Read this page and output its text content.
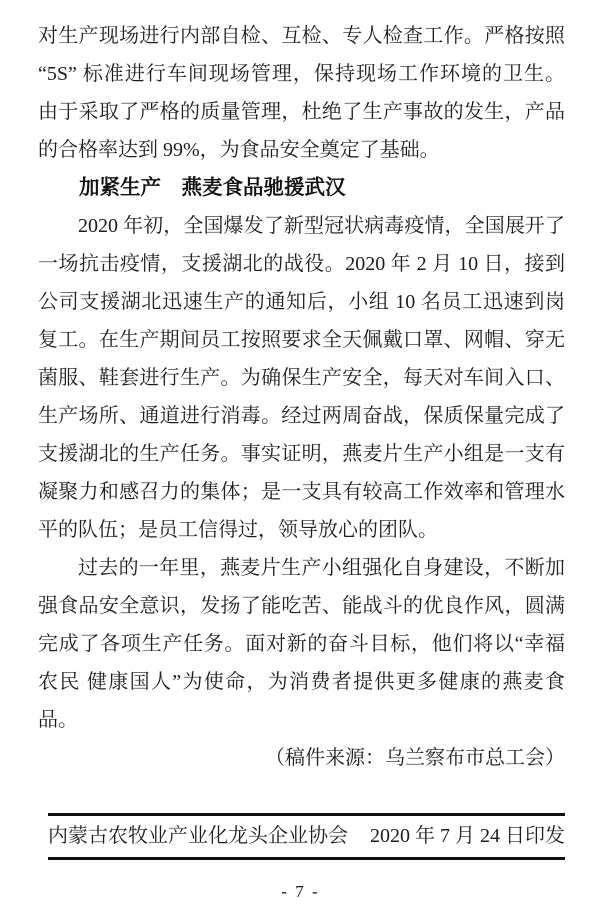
对生产现场进行内部自检、互检、专人检查工作。严格按照
“5S” 标准进行车间现场管理，保持现场工作环境的卫生。
由于采取了严格的质量管理，杜绝了生产事故的发生，产品
的合格率达到 99%，为食品安全奠定了基础。
加紧生产　燕麦食品驰援武汉
2020 年初，全国爆发了新型冠状病毒疫情，全国展开了
一场抗击疫情，支援湖北的战役。2020 年 2 月 10 日，接到
公司支援湖北迅速生产的通知后，小组 10 名员工迅速到岗
复工。在生产期间员工按照要求全天佩戴口罩、网帽、穿无
菌服、鞋套进行生产。为确保生产安全，每天对车间入口、
生产场所、通道进行消毒。经过两周奋战，保质保量完成了
支援湖北的生产任务。事实证明，燕麦片生产小组是一支有
凝聚力和感召力的集体；是一支具有较高工作效率和管理水
平的队伍；是员工信得过，领导放心的团队。
过去的一年里，燕麦片生产小组强化自身建设，不断加
强食品安全意识，发扬了能吃苦、能战斗的优良作风，圆满
完成了各项生产任务。面对新的奋斗目标，他们将以“幸福
农民 健康国人”为使命，为消费者提供更多健康的燕麦食
品。
（稿件来源：乌兰察布市总工会）
内蒙古农牧业产业化龙头企业协会 2020 年 7 月 24 日印发
- 7 -
